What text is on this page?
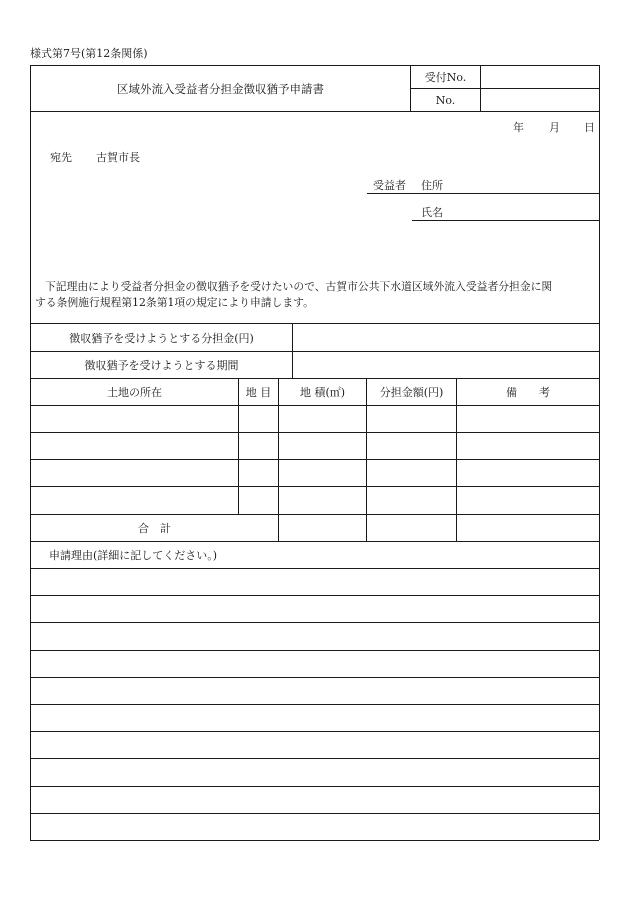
様式第7号(第12条関係)
区域外流入受益者分担金徴収猶予申請書
受付No.
No.
年 月 日
宛先 古賀市長
受益者 住所
氏名
下記理由により受益者分担金の徴収猶予を受けたいので、古賀市公共下水道区域外流入受益者分担金に関
する条例施行規程第12条第1項の規定により申請します。
徴収猶予を受けようとする分担金(円)
徴収猶予を受けようとする期間
土地の所在	地 目	地 積(㎡)	分担金額(円)	備　　考
合　計
申請理由(詳細に記してください。)
